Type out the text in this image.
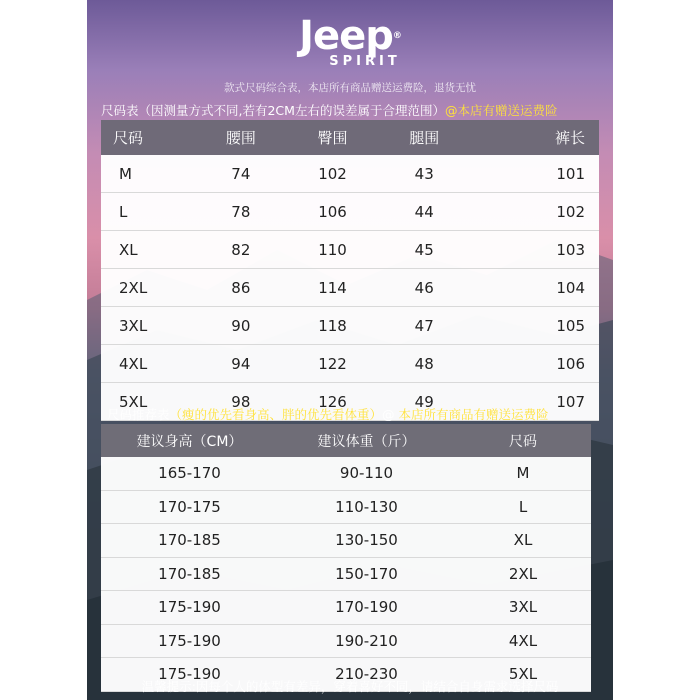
Jeep®
SPIRIT
款式尺码综合表，本店所有商品赠送运费险，退货无忧
尺码表（因测量方式不同,若有2CM左右的误差属于合理范围）@本店有赠送运费险
尺码	腰围	臀围	腿围	裤长
M	74	102	43	101
L	78	106	44	102
XL	82	110	45	103
2XL	86	114	46	104
3XL	90	118	47	105
4XL	94	122	48	106
5XL	98	126	49	107
尺码推荐表（瘦的优先看身高、胖的优先看体重）@ 本店所有商品有赠送运费险
建议身高（CM）	建议体重（斤）	尺码
165-170	90-110	M
170-175	110-130	L
170-185	130-150	XL
170-185	150-170	2XL
175-190	170-190	3XL
175-190	190-210	4XL
175-190	210-230	5XL
温馨提示:因每个人的体型有差异，穿着喜好不同，请结合自身需求选择尺码
